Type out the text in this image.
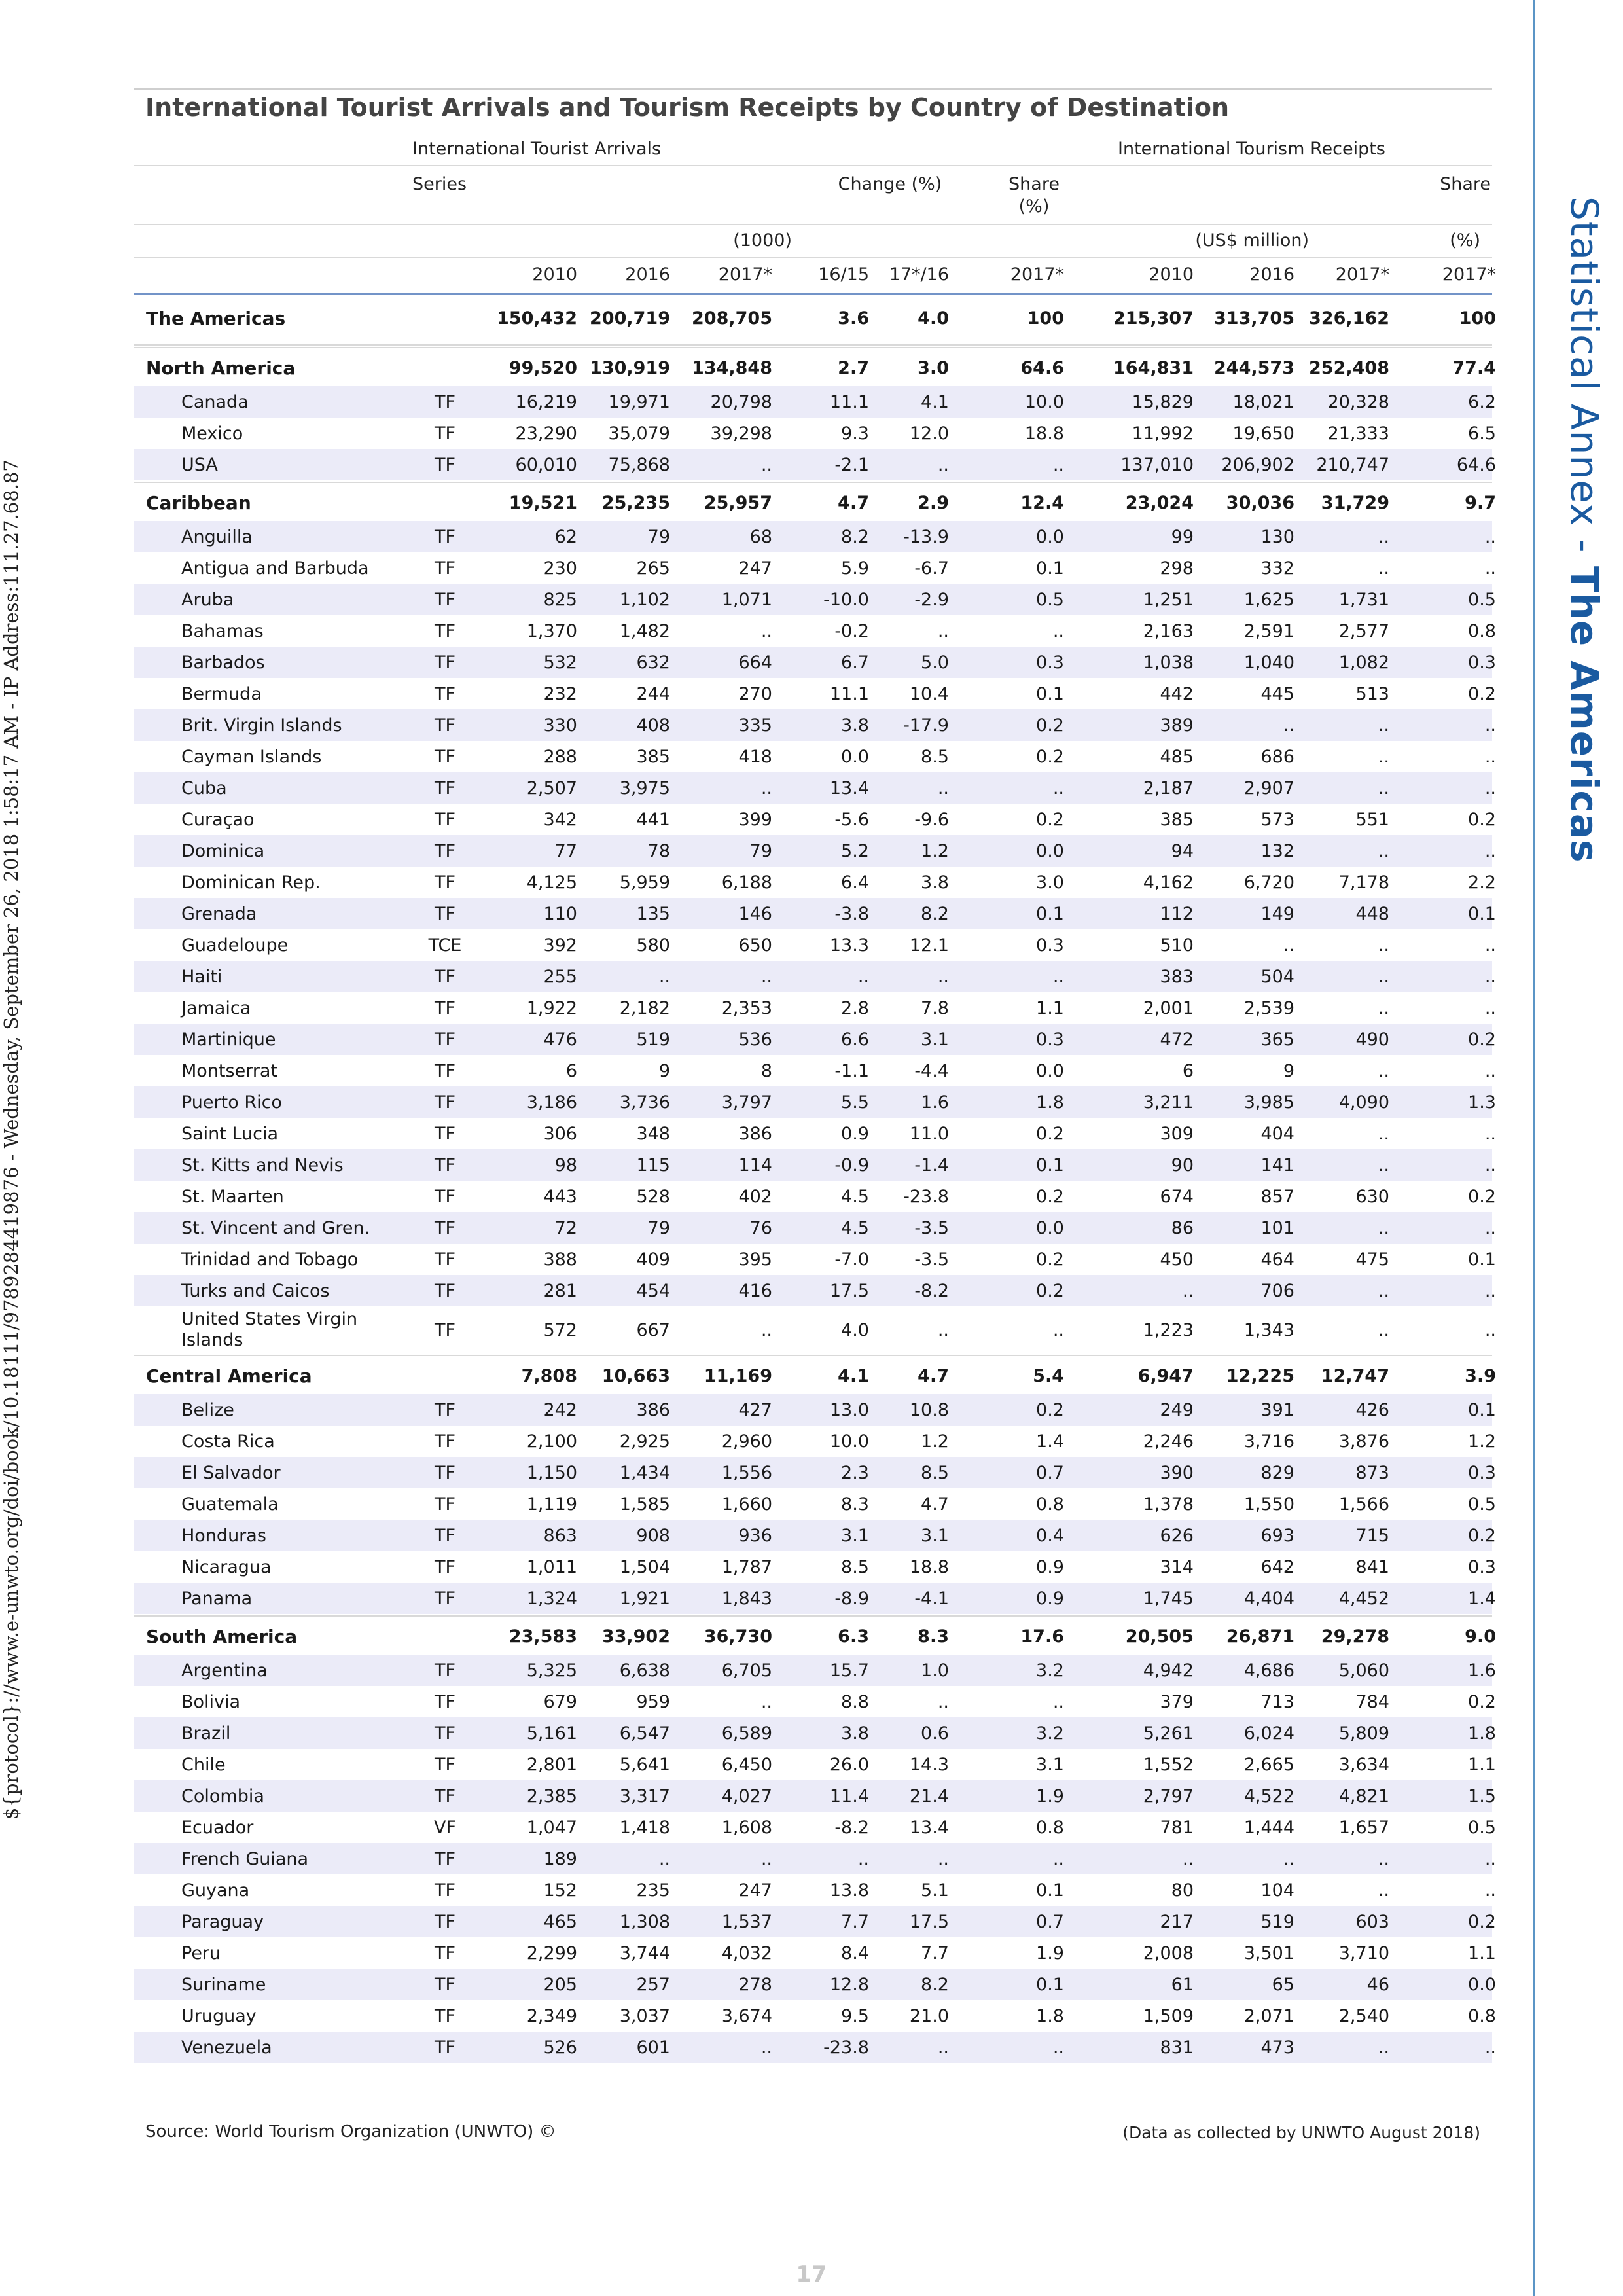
Statistical Annex - The Americas
${protocol}://www.e-unwto.org/doi/book/10.18111/9789284419876 - Wednesday, September 26, 2018 1:58:17 AM - IP Address:111.27.68.87
International Tourist Arrivals and Tourism Receipts by Country of Destination
International Tourist Arrivals	International Tourism Receipts
Series	Change (%)	Share
(%)
Share
(1000)	(US$ million)	(%)
2010	2016	2017*	16/15	17*/16	2017*	2010	2016	2017*	2017*
The Americas	150,432 200,719	208,705	3.6	4.0	100	215,307	313,705 326,162	100
North America	99,520 130,919	134,848	2.7	3.0	64.6	164,831	244,573 252,408	77.4
Canada	TF	16,219	19,971	20,798	11.1	4.1	10.0	15,829	18,021	20,328	6.2
Mexico	TF	23,290	35,079	39,298	9.3	12.0	18.8	11,992	19,650	21,333	6.5
USA	TF	60,010	75,868	..	-2.1	..	..	137,010	206,902	210,747	64.6
Caribbean	19,521	25,235	25,957	4.7	2.9	12.4	23,024	30,036	31,729	9.7
Anguilla	TF	62	79	68	8.2	-13.9	0.0	99	130	..	..
Antigua and Barbuda	TF	230	265	247	5.9	-6.7	0.1	298	332	..	..
Aruba	TF	825	1,102	1,071	-10.0	-2.9	0.5	1,251	1,625	1,731	0.5
Bahamas	TF	1,370	1,482	..	-0.2	..	..	2,163	2,591	2,577	0.8
Barbados	TF	532	632	664	6.7	5.0	0.3	1,038	1,040	1,082	0.3
Bermuda	TF	232	244	270	11.1	10.4	0.1	442	445	513	0.2
Brit. Virgin Islands	TF	330	408	335	3.8	-17.9	0.2	389	..	..	..
Cayman Islands	TF	288	385	418	0.0	8.5	0.2	485	686	..	..
Cuba	TF	2,507	3,975	..	13.4	..	..	2,187	2,907	..	..
Curaçao	TF	342	441	399	-5.6	-9.6	0.2	385	573	551	0.2
Dominica	TF	77	78	79	5.2	1.2	0.0	94	132	..	..
Dominican Rep.	TF	4,125	5,959	6,188	6.4	3.8	3.0	4,162	6,720	7,178	2.2
Grenada	TF	110	135	146	-3.8	8.2	0.1	112	149	448	0.1
Guadeloupe	TCE	392	580	650	13.3	12.1	0.3	510	..	..	..
Haiti	TF	255	..	..	..	..	..	383	504	..	..
Jamaica	TF	1,922	2,182	2,353	2.8	7.8	1.1	2,001	2,539	..	..
Martinique	TF	476	519	536	6.6	3.1	0.3	472	365	490	0.2
Montserrat	TF	6	9	8	-1.1	-4.4	0.0	6	9	..	..
Puerto Rico	TF	3,186	3,736	3,797	5.5	1.6	1.8	3,211	3,985	4,090	1.3
Saint Lucia	TF	306	348	386	0.9	11.0	0.2	309	404	..	..
St. Kitts and Nevis	TF	98	115	114	-0.9	-1.4	0.1	90	141	..	..
St. Maarten	TF	443	528	402	4.5	-23.8	0.2	674	857	630	0.2
St. Vincent and Gren.	TF	72	79	76	4.5	-3.5	0.0	86	101	..	..
Trinidad and Tobago	TF	388	409	395	-7.0	-3.5	0.2	450	464	475	0.1
Turks and Caicos	TF	281	454	416	17.5	-8.2	0.2	..	706	..	..
United States Virgin Islands	TF	572	667	..	4.0	..	..	1,223	1,343	..	..
Central America	7,808	10,663	11,169	4.1	4.7	5.4	6,947	12,225	12,747	3.9
Belize	TF	242	386	427	13.0	10.8	0.2	249	391	426	0.1
Costa Rica	TF	2,100	2,925	2,960	10.0	1.2	1.4	2,246	3,716	3,876	1.2
El Salvador	TF	1,150	1,434	1,556	2.3	8.5	0.7	390	829	873	0.3
Guatemala	TF	1,119	1,585	1,660	8.3	4.7	0.8	1,378	1,550	1,566	0.5
Honduras	TF	863	908	936	3.1	3.1	0.4	626	693	715	0.2
Nicaragua	TF	1,011	1,504	1,787	8.5	18.8	0.9	314	642	841	0.3
Panama	TF	1,324	1,921	1,843	-8.9	-4.1	0.9	1,745	4,404	4,452	1.4
South America	23,583	33,902	36,730	6.3	8.3	17.6	20,505	26,871	29,278	9.0
Argentina	TF	5,325	6,638	6,705	15.7	1.0	3.2	4,942	4,686	5,060	1.6
Bolivia	TF	679	959	..	8.8	..	..	379	713	784	0.2
Brazil	TF	5,161	6,547	6,589	3.8	0.6	3.2	5,261	6,024	5,809	1.8
Chile	TF	2,801	5,641	6,450	26.0	14.3	3.1	1,552	2,665	3,634	1.1
Colombia	TF	2,385	3,317	4,027	11.4	21.4	1.9	2,797	4,522	4,821	1.5
Ecuador	VF	1,047	1,418	1,608	-8.2	13.4	0.8	781	1,444	1,657	0.5
French Guiana	TF	189	..	..	..	..	..	..	..	..	..
Guyana	TF	152	235	247	13.8	5.1	0.1	80	104	..	..
Paraguay	TF	465	1,308	1,537	7.7	17.5	0.7	217	519	603	0.2
Peru	TF	2,299	3,744	4,032	8.4	7.7	1.9	2,008	3,501	3,710	1.1
Suriname	TF	205	257	278	12.8	8.2	0.1	61	65	46	0.0
Uruguay	TF	2,349	3,037	3,674	9.5	21.0	1.8	1,509	2,071	2,540	0.8
Venezuela	TF	526	601	..	-23.8	..	..	831	473	..	..
Source: World Tourism Organization (UNWTO) ©	(Data as collected by UNWTO August 2018)
17
